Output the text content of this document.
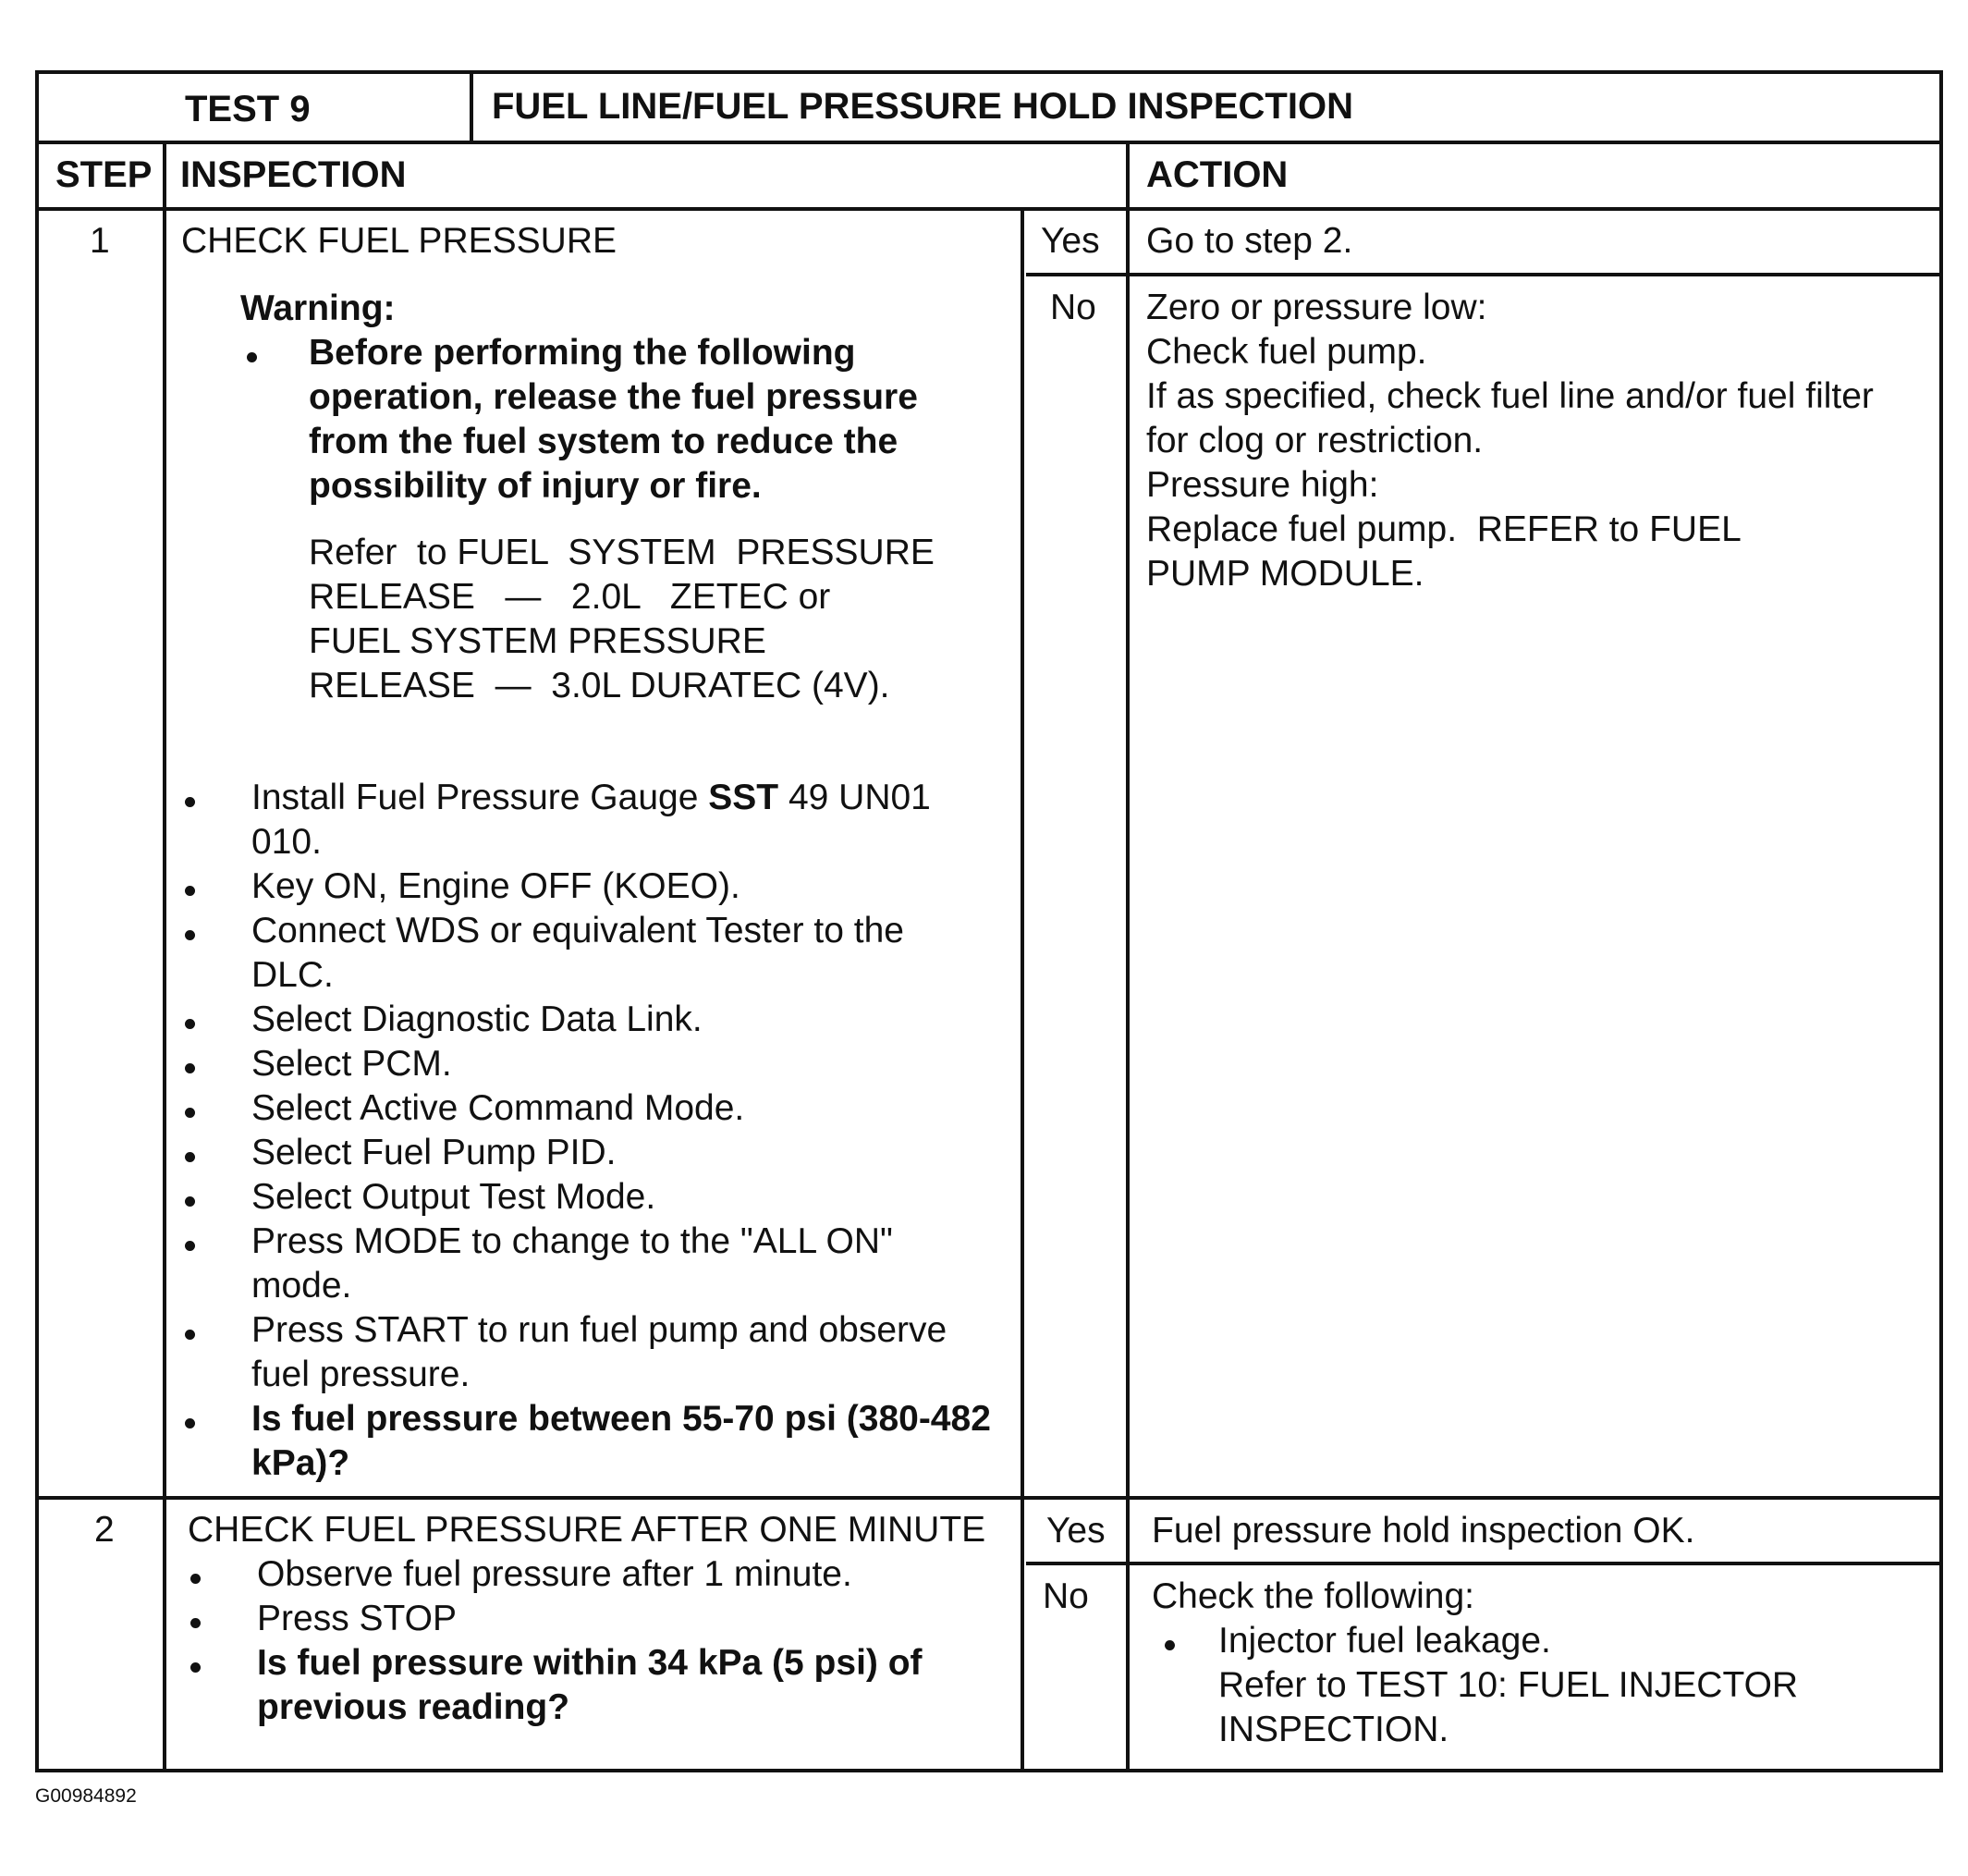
TEST 9	FUEL LINE/FUEL PRESSURE HOLD INSPECTION
STEP INSPECTION	ACTION
1 CHECK FUEL PRESSURE
Warning:
Before performing the following
operation, release the fuel pressure
from the fuel system to reduce the
possibility of injury or fire.
Refer  to FUEL  SYSTEM  PRESSURE
RELEASE   —   2.0L   ZETEC or
FUEL SYSTEM PRESSURE
RELEASE  —  3.0L DURATEC (4V).
Install Fuel Pressure Gauge SST 49 UN01
010.
Key ON, Engine OFF (KOEO).
Connect WDS or equivalent Tester to the
DLC.
Select Diagnostic Data Link.
Select PCM.
Select Active Command Mode.
Select Fuel Pump PID.
Select Output Test Mode.
Press MODE to change to the "ALL ON"
mode.
Press START to run fuel pump and observe
fuel pressure.
Is fuel pressure between 55-70 psi (380-482
kPa)?
Yes Go to step 2.
No Zero or pressure low:
Check fuel pump.
If as specified, check fuel line and/or fuel filter
for clog or restriction.
Pressure high:
Replace fuel pump.  REFER to FUEL
PUMP MODULE.
2 CHECK FUEL PRESSURE AFTER ONE MINUTE
Observe fuel pressure after 1 minute.
Press STOP
Is fuel pressure within 34 kPa (5 psi) of
previous reading?
Yes Fuel pressure hold inspection OK.
No Check the following:
Injector fuel leakage.
Refer to TEST 10: FUEL INJECTOR
INSPECTION.
G00984892
